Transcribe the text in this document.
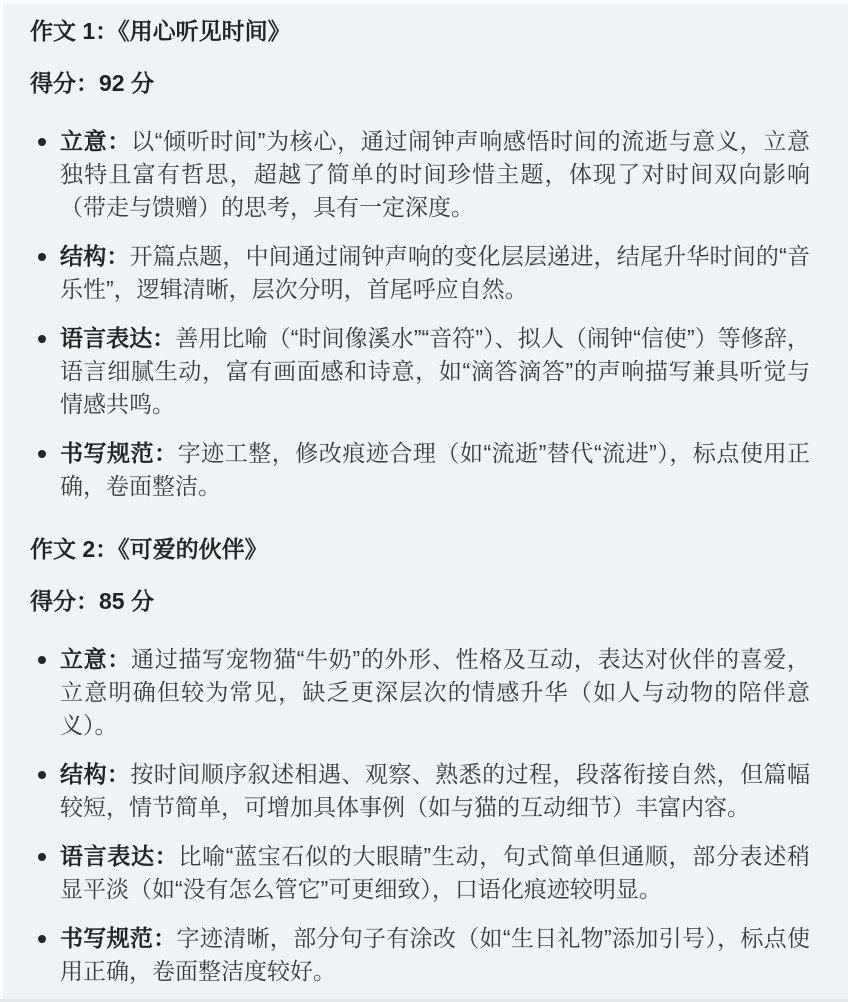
作文 1：《用心听见时间》

得分：92 分

立意：以“倾听时间”为核心，通过闹钟声响感悟时间的流逝与意义，立意独特且富有哲思，超越了简单的时间珍惜主题，体现了对时间双向影响（带走与馈赠）的思考，具有一定深度。
结构：开篇点题，中间通过闹钟声响的变化层层递进，结尾升华时间的“音乐性”，逻辑清晰，层次分明，首尾呼应自然。
语言表达：善用比喻（“时间像溪水”“音符”）、拟人（闹钟“信使”）等修辞，语言细腻生动，富有画面感和诗意，如“滴答滴答”的声响描写兼具听觉与情感共鸣。
书写规范：字迹工整，修改痕迹合理（如“流逝”替代“流进”），标点使用正确，卷面整洁。
作文 2：《可爱的伙伴》

得分：85 分

立意：通过描写宠物猫“牛奶”的外形、性格及互动，表达对伙伴的喜爱，立意明确但较为常见，缺乏更深层次的情感升华（如人与动物的陪伴意义）。
结构：按时间顺序叙述相遇、观察、熟悉的过程，段落衔接自然，但篇幅较短，情节简单，可增加具体事例（如与猫的互动细节）丰富内容。
语言表达：比喻“蓝宝石似的大眼睛”生动，句式简单但通顺，部分表述稍显平淡（如“没有怎么管它”可更细致），口语化痕迹较明显。
书写规范：字迹清晰，部分句子有涂改（如“生日礼物”添加引号），标点使用正确，卷面整洁度较好。
